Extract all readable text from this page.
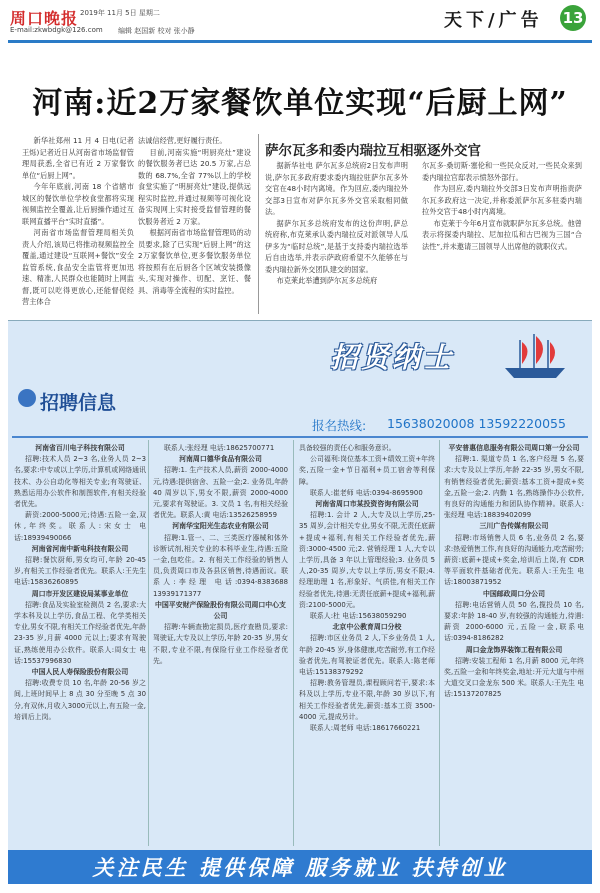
周口晚报 2019年 11月 5日 星期二
E-mail:zkwbdgk@126.com 编辑 赵国新 校对 张小静	天下/广告 13
河南:近2万家餐饮单位实现“后厨上网”

新华社郑州 11 月 4 日电(记者 王烁)记者近日从河南省市场监督管理局获悉,全省已有近 2 万家餐饮单位“后厨上网”。

今年年底前,河南 18 个省辖市城区的餐饮单位学校食堂都将实现视频监控全覆盖,让后厨操作通过互联网直播平台“实时直播”。

河南省市场监督管理局相关负责人介绍,该局已将推动视频监控全覆盖,通过建设“互联网+餐饮”安全监管系统,食品安全监管将更加迅速、精准,人民群众也能随时上网监督,既可以吃得更放心,还能督促经营主体合

法诚信经营,更好履行责任。

目前,河南实施“明厨亮灶”建设的餐饮服务者已达 20.5 万家,占总数的 68.7%,全省 77%以上的学校食堂实施了“明厨亮灶”建设,提供远程实时监控,并通过视频等可视化设备实现网上实时接受监督管理的餐饮服务者近 2 万家。

根据河南省市场监督管理局的动员要求,除了已实现“后厨上网”的这2万家餐饮单位,更多餐饮服务单位将按照有在后厨各个区域安装摄像头,实现对操作、切配、烹饪、餐具、消毒等全流程的实时监控。

萨尔瓦多和委内瑞拉互相驱逐外交官

据新华社电 萨尔瓦多总统府2日发布声明说,萨尔瓦多政府要求委内瑞拉驻萨尔瓦多外交官在48小时内离境。作为回应,委内瑞拉外交部3日宣布对萨尔瓦多外交官采取相同做法。

据萨尔瓦多总统府发布的这份声明,萨总统府称,布克莱承认委内瑞拉反对派领导人瓜伊多为“临时总统”,是基于支持委内瑞拉选举后自由选举,并表示萨政府希望不久能够在与委内瑞拉新外交团队建交的国家。

布克莱此举遭到萨尔瓦多总统府

尔瓦多·桑切斯·塞伦和一些民众反对,一些民众来到委内瑞拉官邸表示愤怒外部行。

作为回应,委内瑞拉外交部3日发布声明指责萨尔瓦多政府这一决定,并称委派萨尔瓦多驻委内瑞拉外交官于48小时内离境。

布克莱于今年6月宣布就职萨尔瓦多总统。他曾表示将探委内瑞拉、尼加拉瓜和古巴视为三国“合法性”,并未邀请三国领导人出席他的就职仪式。

招贤纳士
招聘信息
报名热线: 15638020008 13592220055

河南省百川电子科技有限公司

招聘:技术人员 2~3 名,业务人员 2~3 名,要求:中专或以上学历,计算机或网络通讯技术、办公自动化等相关专业;有驾驶证、熟悉运用办公软件和制图软件,有相关经验者优先。

薪资:2000-5000元;待遇:五险一金,双休,年终奖。联系人:宋女士 电话:18939490066

河南省河南中新电科技有限公司

招聘:餐饮厨师,男女均可,年龄 20-45 岁,有相关工作经验者优先。联系人:王先生 电话:15836260895

周口市开发区建设局某事业单位

招聘:食品及实验室检测员 2 名,要求:大学本科及以上学历,食品工程、化学类相关专业,男女不限,有相关工作经验者优先,年龄 23-35 岁,月薪 4000 元以上;要求有驾驶证,熟练使用办公软件。联系人:周女士 电话:15537996830

中国人民人寿保险股份有限公司

招聘:收费专员 10 名,年龄 20-56 岁之间,上班时间早上 8 点 30 分至晚 5 点 30 分,有双休,月收入3000元以上,有五险一金,培训后上岗。

联系人:张经理 电话:18625700771

河南周口德华食品有限公司

招聘:1. 生产技术人员,薪资 2000-4000 元,待遇:提供宿舍、五险一金;2. 业务员,年龄 40 周岁以下,男女不限,薪资 2000-4000 元,要求有驾驶证。3. 文员 1 名,有相关经验者优先。联系人:黄 电话:13526258959

河南华宝阳光生态农业有限公司

招聘:1.管一、二、三类医疗器械和体外诊断试剂,相关专业的本科毕业生,待遇:五险一金,包吃住。2. 有相关工作经验的销售人员,负责周口市及各县区销售,待遇面议。联系人:李经理 电话:0394-8383688 13939171377

中国平安财产保险股份有限公司周口中心支公司

招聘:车辆查勘定损员,医疗查勘员,要求:驾驶证,大专及以上学历,年龄 20-35 岁,男女不限,专业不限,有保险行业工作经验者优先。

具备较强的责任心和服务意识。

公司福利:岗位基本工资+绩效工资+年终奖,五险一金+节日福利+员工宿舍等利保障。

联系人:崔老师 电话:0394-8695900

河南省周口市某投资咨询有限公司

招聘:1. 会计 2 人,大专及以上学历,25-35 周岁,会计相关专业,男女不限,无责任底薪+提成+福利,有相关工作经验者优先,薪资:3000-4500 元;2. 营销经理 1 人,大专以上学历,具备 3 年以上管理经验;3. 业务员 5 人,20-35 周岁,大专以上学历,男女不限;4. 经理助理 1 名,形象好、气质佳,有相关工作经验者优先,待遇:无责任底薪+提成+福利,薪资:2100-5000元。

联系人:杜 电话:15638059290

北京中公教育周口分校

招聘:市区业务员 2 人,下乡业务员 1 人,年龄 20-45 岁,身体健康,吃苦耐劳,有工作经验者优先,有驾驶证者优先。联系人:陈老师 电话:15138379292

招聘:教务管理员,课程顾问若干,要求:本科及以上学历,专业不限,年龄 30 岁以下,有相关工作经验者优先,薪资:基本工资 3500-4000 元,提成另计。

联系人:周老师 电话:18617660221

平安普惠信息服务有限公司周口第一分公司

招聘:1. 渠道专员 1 名,客户经理 5 名,要求:大专及以上学历,年龄 22-35 岁,男女不限,有销售经验者优先;薪资:基本工资+提成+奖金,五险一金;2. 内勤 1 名,熟练操作办公软件,有良好的沟通能力和团队协作精神。联系人:张经理 电话:18839402099

三川广告传媒有限公司

招聘:市场销售人员 6 名,业务员 2 名,要求:热爱销售工作,有良好的沟通能力,吃苦耐劳;薪资:底薪+提成+奖金,培训后上岗,有 CDR 等平面软件基础者优先。联系人:王先生 电话:18003871952

中国邮政周口分公司

招聘:电话营销人员 50 名,揽投员 10 名,要求:年龄 18-40 岁,有较强的沟通能力,待遇:薪资 2000-6000 元,五险一金,联系电话:0394-8186282

周口金龙饰界装饰工程有限公司

招聘:安装工程师 1 名,月薪 8000 元,年终奖,五险一金和年终奖金,地址:开元大道与中州大道交叉口金龙东 500 米。联系人:王先生 电话:15137207825

关注民生 提供保障 服务就业 扶持创业
